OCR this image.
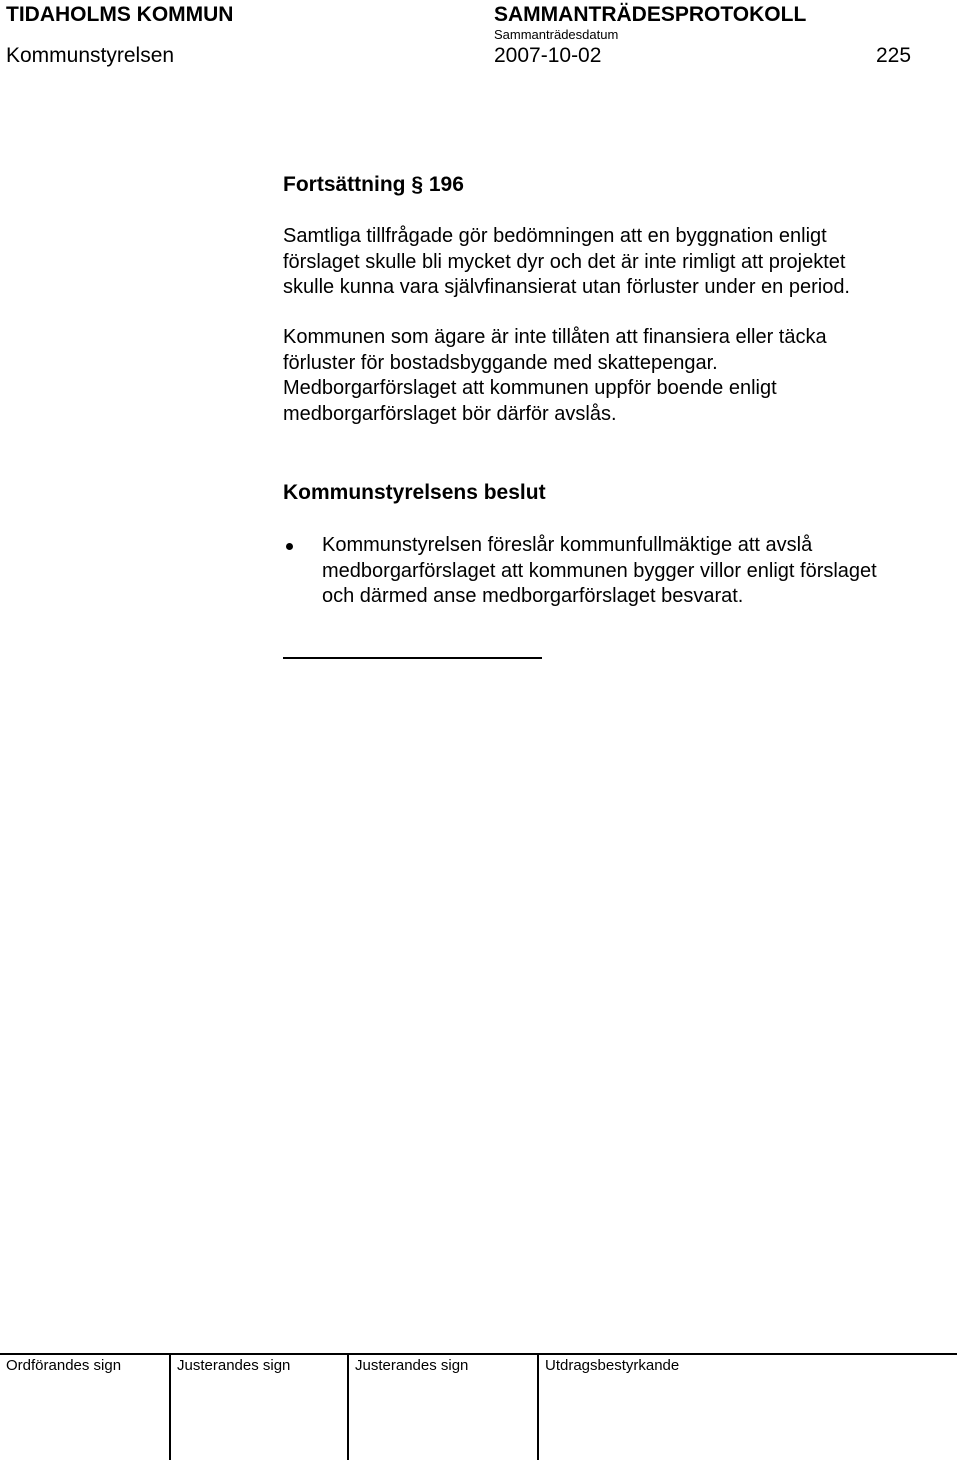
TIDAHOLMS KOMMUN	SAMMANTRÄDESPROTOKOLL
Sammanträdesdatum
Kommunstyrelsen	2007-10-02	225
Fortsättning § 196
Samtliga tillfrågade gör bedömningen att en byggnation enligt
förslaget skulle bli mycket dyr och det är inte rimligt att projektet
skulle kunna vara självfinansierat utan förluster under en period.
Kommunen som ägare är inte tillåten att finansiera eller täcka
förluster för bostadsbyggande med skattepengar.
Medborgarförslaget att kommunen uppför boende enligt
medborgarförslaget bör därför avslås.
Kommunstyrelsens beslut
Kommunstyrelsen föreslår kommunfullmäktige att avslå
medborgarförslaget att kommunen bygger villor enligt förslaget
och därmed anse medborgarförslaget besvarat.
Ordförandes sign	Justerandes sign	Justerandes sign	Utdragsbestyrkande
